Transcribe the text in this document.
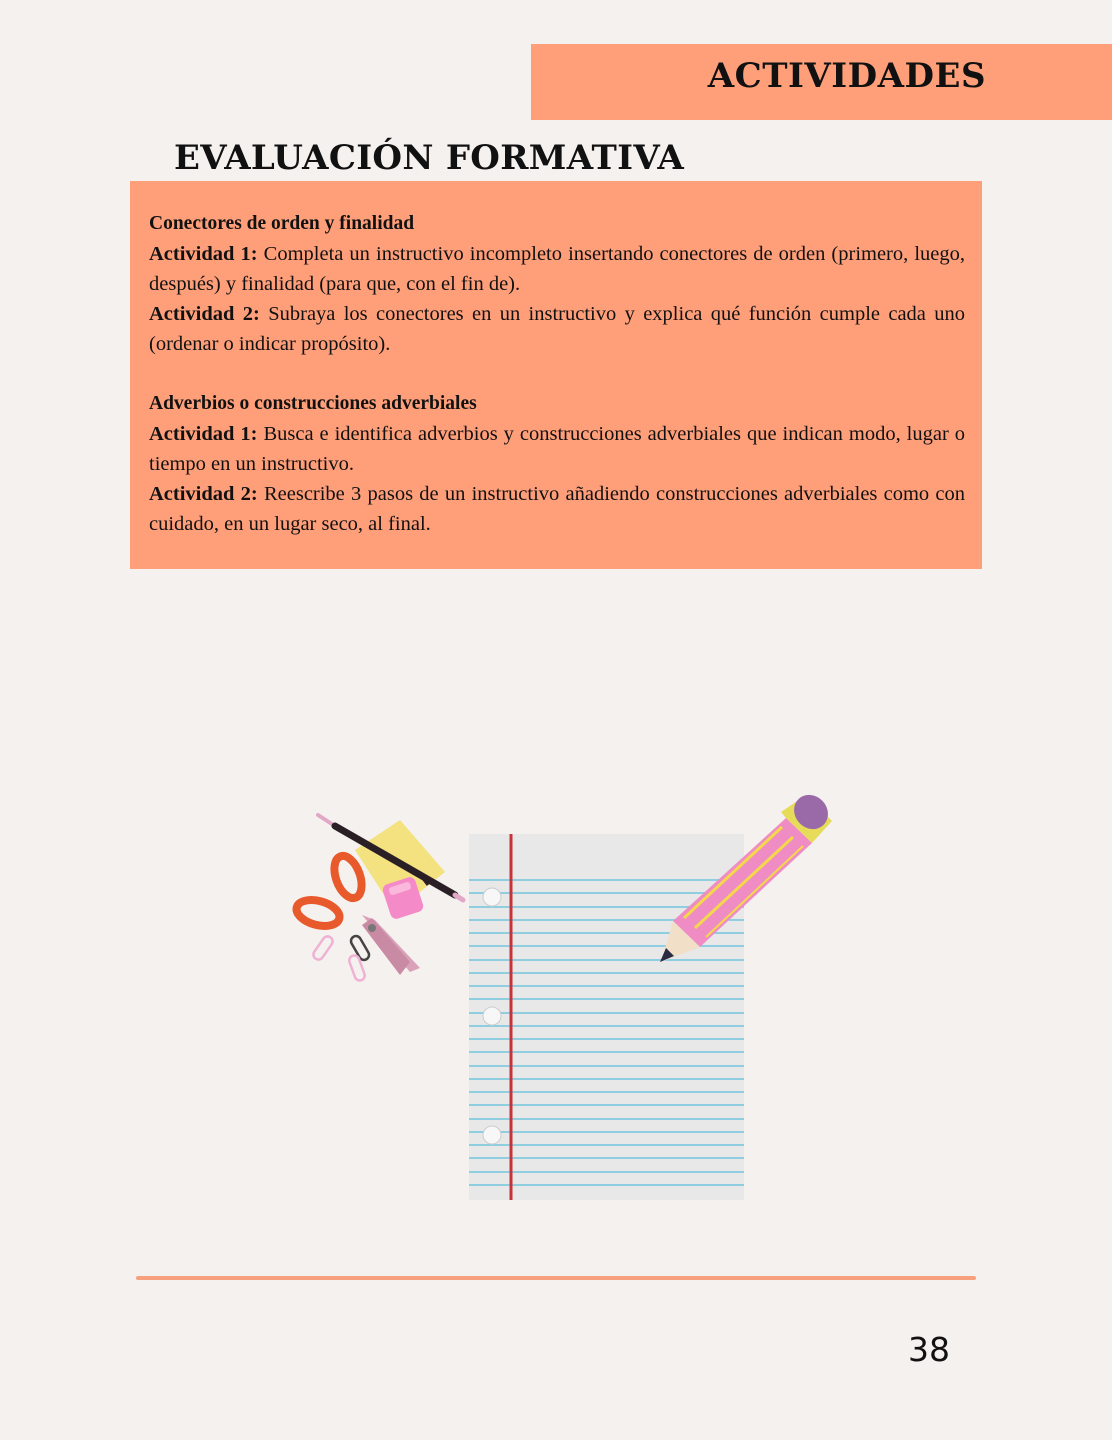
ACTIVIDADES
EVALUACIÓN FORMATIVA

Conectores de orden y finalidad

Actividad 1: Completa un instructivo incompleto insertando conectores de orden (primero, luego, después) y finalidad (para que, con el fin de).

Actividad 2: Subraya los conectores en un instructivo y explica qué función cumple cada uno (ordenar o indicar propósito).

Adverbios o construcciones adverbiales

Actividad 1: Busca e identifica adverbios y construcciones adverbiales que indican modo, lugar o tiempo en un instructivo.

Actividad 2: Reescribe 3 pasos de un instructivo añadiendo construcciones adverbiales como con cuidado, en un lugar seco, al final.

38
